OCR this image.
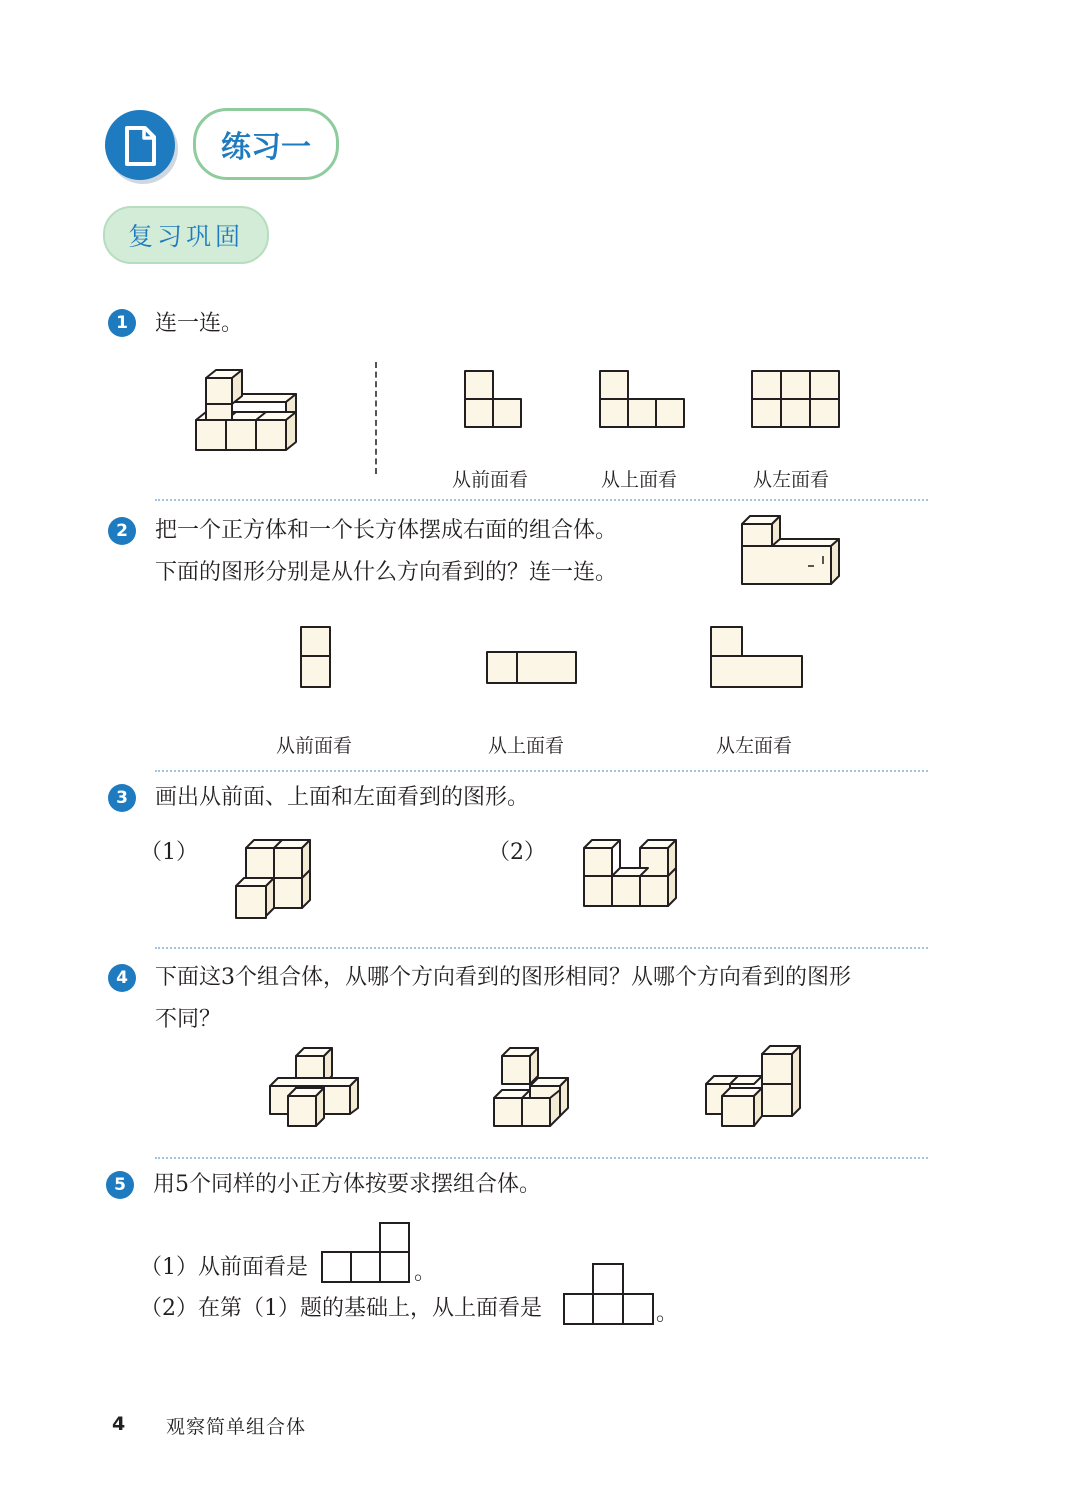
练习一
复习巩固
1	连一连。
从前面看	从上面看	从左面看
2	把一个正方体和一个长方体摆成右面的组合体。
下面的图形分别是从什么方向看到的？连一连。
从前面看	从上面看	从左面看
3	画出从前面、上面和左面看到的图形。
（1）	（2）
4	下面这3个组合体，从哪个方向看到的图形相同？从哪个方向看到的图形
不同？
5	用5个同样的小正方体按要求摆组合体。
（1）从前面看是	。
（2）在第（1）题的基础上，从上面看是	。
4 观察简单组合体
